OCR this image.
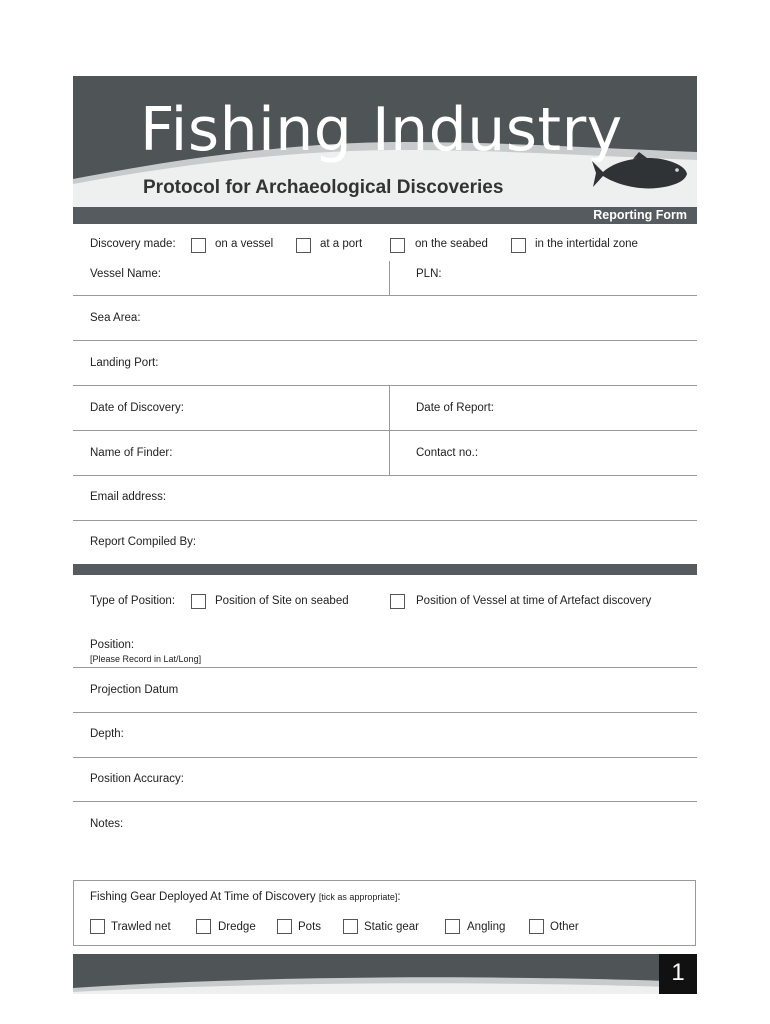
Fishing Industry
Protocol for Archaeological Discoveries
Reporting Form
Discovery made:	on a vessel	at a port	on the seabed	in the intertidal zone
Vessel Name:	PLN:
Sea Area:
Landing Port:
Date of Discovery:	Date of Report:
Name of Finder:	Contact no.:
Email address:
Report Compiled By:
Type of Position:	Position of Site on seabed	Position of Vessel at time of Artefact discovery
Position:
[Please Record in Lat/Long]
Projection Datum
Depth:
Position Accuracy:
Notes:
Fishing Gear Deployed At Time of Discovery [tick as appropriate]:
Trawled net	Dredge	Pots	Static gear	Angling	Other
1
